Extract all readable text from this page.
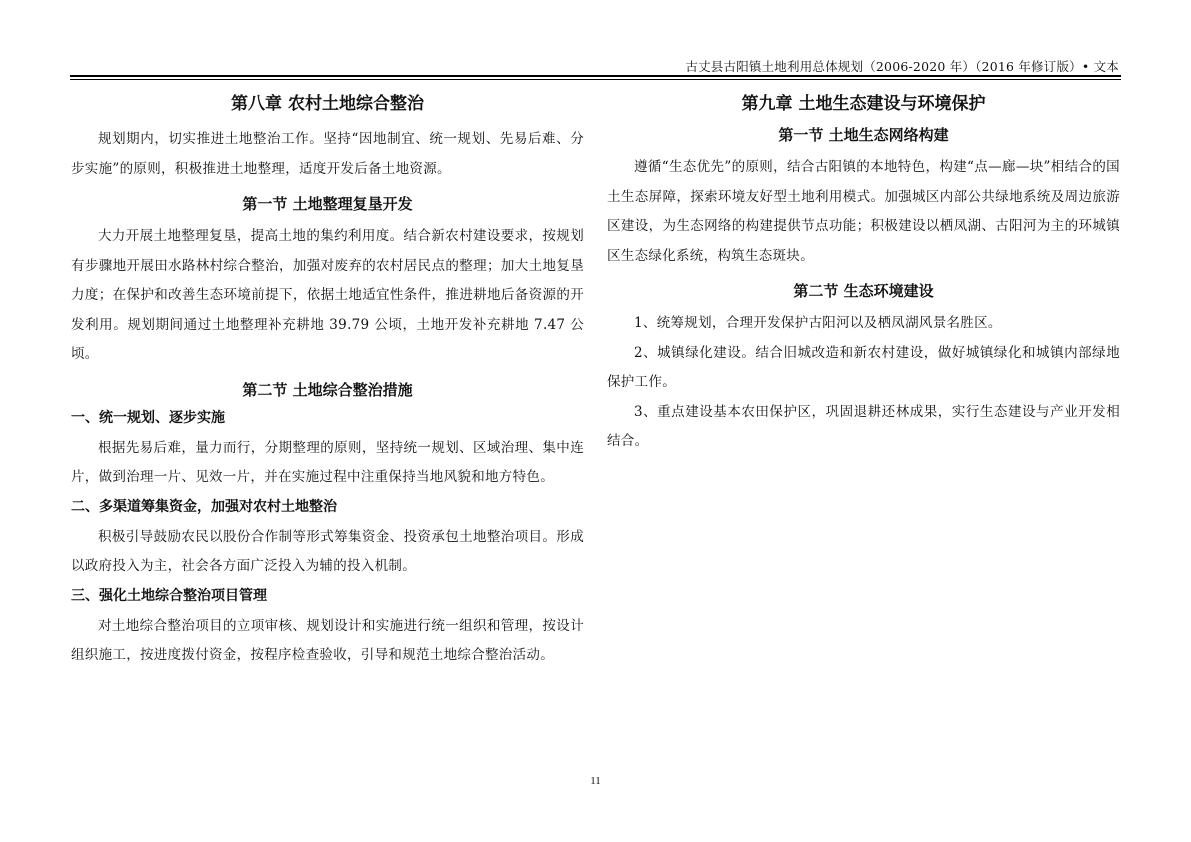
古丈县古阳镇土地利用总体规划（2006-2020 年）（2016 年修订版）• 文本
第八章 农村土地综合整治

规划期内，切实推进土地整治工作。坚持“因地制宜、统一规划、先易后难、分步实施”的原则，积极推进土地整理，适度开发后备土地资源。

第一节 土地整理复垦开发

大力开展土地整理复垦，提高土地的集约利用度。结合新农村建设要求，按规划有步骤地开展田水路林村综合整治，加强对废弃的农村居民点的整理；加大土地复垦力度；在保护和改善生态环境前提下，依据土地适宜性条件，推进耕地后备资源的开发利用。规划期间通过土地整理补充耕地 39.79 公顷，土地开发补充耕地 7.47 公顷。

第二节 土地综合整治措施
一、统一规划、逐步实施

根据先易后难，量力而行，分期整理的原则，坚持统一规划、区域治理、集中连片，做到治理一片、见效一片，并在实施过程中注重保持当地风貌和地方特色。

二、多渠道筹集资金，加强对农村土地整治

积极引导鼓励农民以股份合作制等形式筹集资金、投资承包土地整治项目。形成以政府投入为主，社会各方面广泛投入为辅的投入机制。

三、强化土地综合整治项目管理

对土地综合整治项目的立项审核、规划设计和实施进行统一组织和管理，按设计组织施工，按进度拨付资金，按程序检查验收，引导和规范土地综合整治活动。

第九章 土地生态建设与环境保护
第一节 土地生态网络构建

遵循“生态优先”的原则，结合古阳镇的本地特色，构建“点—廊—块”相结合的国土生态屏障，探索环境友好型土地利用模式。加强城区内部公共绿地系统及周边旅游区建设，为生态网络的构建提供节点功能；积极建设以栖凤湖、古阳河为主的环城镇区生态绿化系统，构筑生态斑块。

第二节 生态环境建设

1、统筹规划，合理开发保护古阳河以及栖凤湖风景名胜区。

2、城镇绿化建设。结合旧城改造和新农村建设，做好城镇绿化和城镇内部绿地保护工作。

3、重点建设基本农田保护区，巩固退耕还林成果，实行生态建设与产业开发相结合。

11
